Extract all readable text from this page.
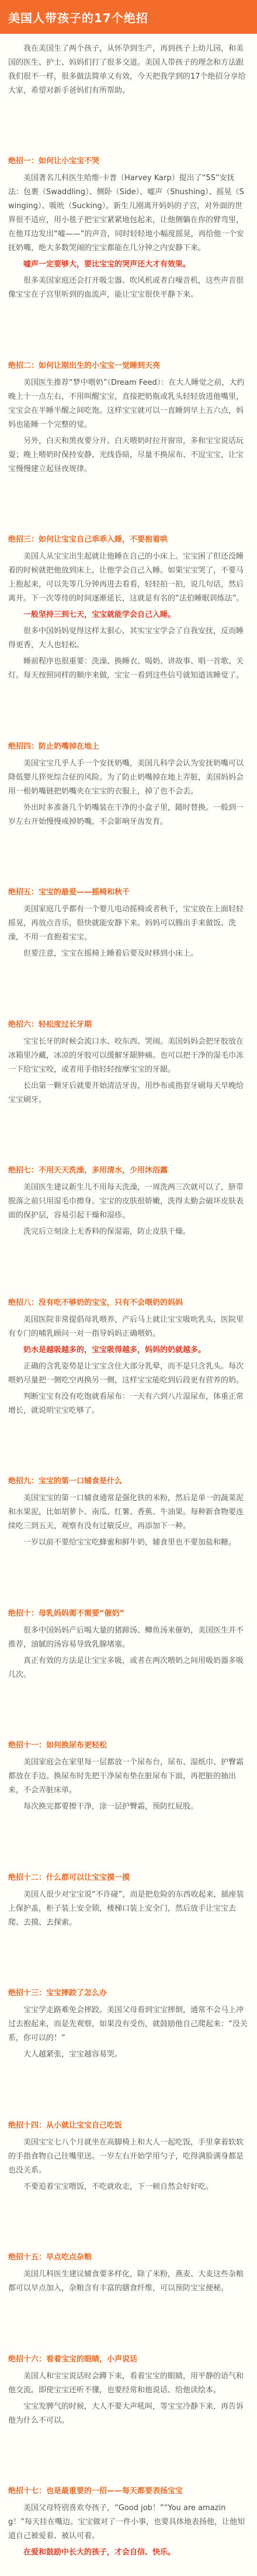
美国人带孩子的17个绝招

我在美国生了两个孩子，从怀孕到生产，再到孩子上幼儿园，和美国的医生、护士、妈妈们打了很多交道。美国人带孩子的理念和方法跟我们很不一样，很多做法简单又有效，今天把我学到的17个绝招分享给大家，希望对新手爸妈们有所帮助。

绝招一：如何让小宝宝不哭

美国著名儿科医生哈维·卡普（Harvey Karp）提出了“5S”安抚法：包裹（Swaddling）、侧卧（Side）、嘘声（Shushing）、摇晃（Swinging）、吸吮（Sucking）。新生儿刚离开妈妈的子宫，对外面的世界很不适应，用小毯子把宝宝紧紧地包起来，让他侧躺在你的臂弯里，在他耳边发出“嘘——”的声音，同时轻轻地小幅度摇晃，再给他一个安抚奶嘴，绝大多数哭闹的宝宝都能在几分钟之内安静下来。

嘘声一定要够大，要比宝宝的哭声还大才有效果。

很多美国家庭还会打开吸尘器、吹风机或者白噪音机，这些声音很像宝宝在子宫里听到的血流声，能让宝宝很快平静下来。

绝招二：如何让刚出生的小宝宝一觉睡到天亮

美国医生推荐“梦中喂奶”（Dream Feed）：在大人睡觉之前，大约晚上十一点左右，不用叫醒宝宝，直接把奶瓶或乳头轻轻放进他嘴里，宝宝会在半睡半醒之间吃饱。这样宝宝就可以一直睡到早上五六点，妈妈也能睡一个完整的觉。

另外，白天和黑夜要分开。白天喂奶时拉开窗帘，多和宝宝说话玩耍；晚上喂奶时保持安静、光线昏暗，尽量不换尿布、不逗宝宝，让宝宝慢慢建立起昼夜规律。

绝招三：如何让宝宝自己乖乖入睡，不要抱着哄

美国人从宝宝出生起就让他睡在自己的小床上。宝宝困了但还没睡着的时候就把他放到床上，让他学会自己入睡。如果宝宝哭了，不要马上抱起来，可以先等几分钟再进去看看，轻轻拍一拍，说几句话，然后离开。下一次等待的时间逐渐延长，这就是有名的“法伯睡眠训练法”。

一般坚持三到七天，宝宝就能学会自己入睡。

很多中国妈妈觉得这样太狠心，其实宝宝学会了自我安抚，反而睡得更香，大人也轻松。

睡前程序也很重要：洗澡、换睡衣、喝奶、讲故事、唱一首歌、关灯。每天按照同样的顺序来做，宝宝一看到这些信号就知道该睡觉了。

绝招四：防止奶嘴掉在地上

美国宝宝几乎人手一个安抚奶嘴，美国儿科学会认为安抚奶嘴可以降低婴儿猝死综合征的风险。为了防止奶嘴掉在地上弄脏，美国妈妈会用一根奶嘴链把奶嘴夹在宝宝的衣服上，掉了也不会丢。

外出时多准备几个奶嘴装在干净的小盒子里，随时替换。一般到一岁左右开始慢慢戒掉奶嘴，不会影响牙齿发育。

绝招五：宝宝的最爱——摇椅和秋千

美国家庭几乎都有一个婴儿电动摇椅或者秋千，宝宝放在上面轻轻摇晃，再放点音乐，很快就能安静下来。妈妈可以腾出手来做饭、洗澡，不用一直抱着宝宝。

但要注意，宝宝在摇椅上睡着后要及时移到小床上。

绝招六：轻松度过长牙期

宝宝长牙的时候会流口水、咬东西、哭闹。美国妈妈会把牙胶放在冰箱里冷藏，冰凉的牙胶可以缓解牙龈肿痛。也可以把干净的湿毛巾冻一下给宝宝咬，或者用手指轻轻按摩宝宝的牙龈。

长出第一颗牙后就要开始清洁牙齿，用纱布或指套牙刷每天早晚给宝宝刷牙。

绝招七：不用天天洗澡，多用清水，少用沐浴露

美国医生建议新生儿不用每天洗澡，一周洗两三次就可以了，脐带脱落之前只用湿毛巾擦身。宝宝的皮肤很娇嫩，洗得太勤会破坏皮肤表面的保护层，容易引起干燥和湿疹。

洗完后立刻涂上无香料的保湿霜，防止皮肤干燥。

绝招八：没有吃不够奶的宝宝，只有不会喂奶的妈妈

美国医院非常提倡母乳喂养，产后马上就让宝宝吸吮乳头，医院里有专门的哺乳顾问一对一指导妈妈正确喂奶。

奶水是越吸越多的，宝宝吸得越多，妈妈的奶就越多。

正确的含乳姿势是让宝宝含住大部分乳晕，而不是只含乳头。每次喂奶尽量把一侧吃空再换另一侧，这样宝宝能吃到后段更有营养的奶。

判断宝宝有没有吃饱就看尿布：一天有六到八片湿尿布，体重正常增长，就说明宝宝吃够了。

绝招九：宝宝的第一口辅食是什么

美国宝宝的第一口辅食通常是强化铁的米粉，然后是单一的蔬菜泥和水果泥，比如胡萝卜、南瓜、红薯、香蕉、牛油果。每种新食物要连续吃三到五天，观察有没有过敏反应，再添加下一种。

一岁以前不要给宝宝吃蜂蜜和鲜牛奶，辅食里也不要加盐和糖。

绝招十：母乳妈妈需不需要“催奶”

很多中国妈妈产后喝大量的猪蹄汤、鲫鱼汤来催奶，美国医生并不推荐，油腻的汤容易导致乳腺堵塞。

真正有效的方法是让宝宝多吸，或者在两次喂奶之间用吸奶器多吸几次。

绝招十一：如何换尿布更轻松

美国家庭会在家里每一层都放一个尿布台，尿布、湿纸巾、护臀霜都放在手边。换尿布时先把干净尿布垫在脏尿布下面，再把脏的抽出来，不会弄脏床单。

每次换完都要擦干净，涂一层护臀霜，预防红屁股。

绝招十二：什么都可以让宝宝摸一摸

美国人很少对宝宝说“不许碰”，而是把危险的东西收起来，插座装上保护盖，柜子装上安全锁，楼梯口装上安全门，然后放手让宝宝去爬、去摸、去探索。

绝招十三：宝宝摔跤了怎么办

宝宝学走路难免会摔跤。美国父母看到宝宝摔倒，通常不会马上冲过去抱起来，而是先观察，如果没有受伤，就鼓励他自己爬起来：“没关系，你可以的！”

大人越紧张，宝宝越容易哭。

绝招十四：从小就让宝宝自己吃饭

美国宝宝七八个月就坐在高脚椅上和大人一起吃饭，手里拿着软软的手指食物自己往嘴里送。一岁左右开始学用勺子，吃得满脸满身都是也没关系。

不要追着宝宝喂饭，不吃就收走，下一顿自然会好好吃。

绝招十五：早点吃点杂粮

美国儿科医生建议辅食要多样化，除了米粉，燕麦、大麦这些杂粮都可以早点加入，杂粮含有丰富的膳食纤维，可以预防宝宝便秘。

绝招十六：看着宝宝的眼睛，小声说话

美国人和宝宝说话时会蹲下来，看着宝宝的眼睛，用平静的语气和他交流。即使宝宝还听不懂，也要经常和他说话、给他读绘本。

宝宝发脾气的时候，大人不要大声吼叫，等宝宝冷静下来，再告诉他为什么不可以。

绝招十七：也是最重要的一招——每天都要表扬宝宝

美国父母特别喜欢夸孩子，“Good job！”“You are amazing！”每天挂在嘴边。宝宝做对了一件小事，也要具体地表扬他，让他知道自己被爱着、被认可着。

在爱和鼓励中长大的孩子，才会自信、快乐。
